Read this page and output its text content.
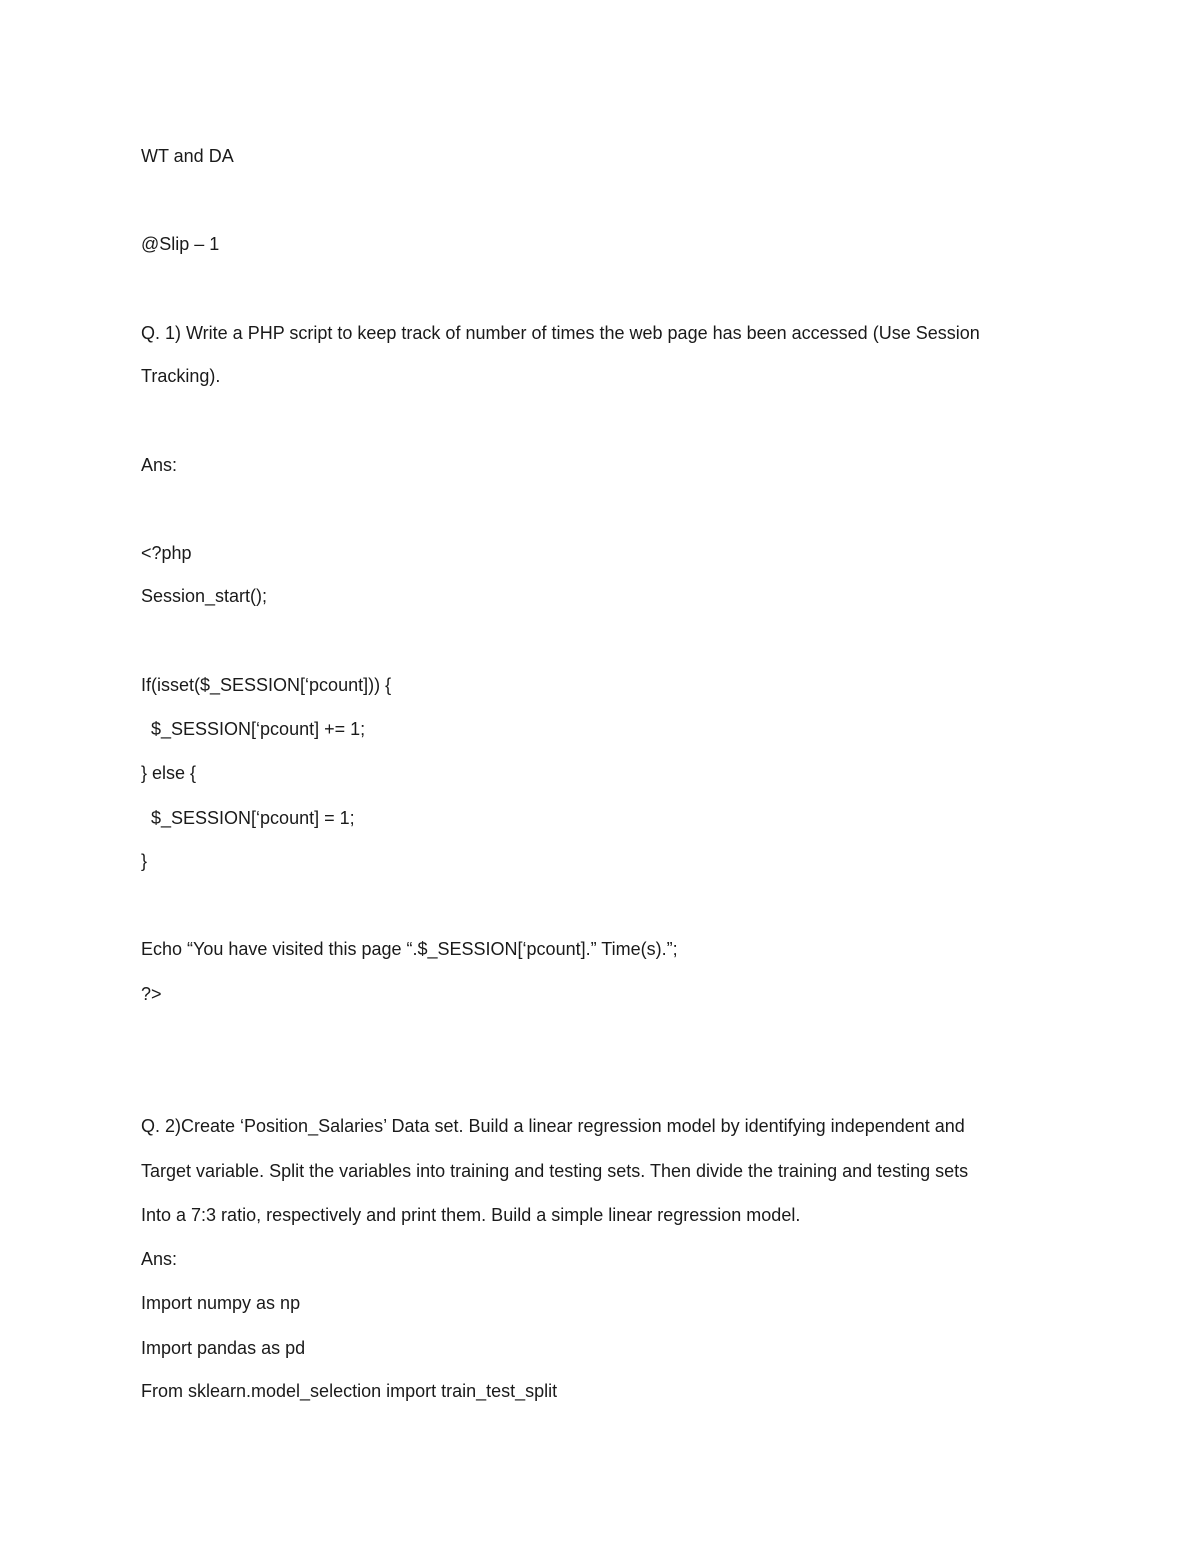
WT and DA

@Slip – 1

Q. 1) Write a PHP script to keep track of number of times the web page has been accessed (Use Session

Tracking).

Ans:

<?php

Session_start();

If(isset($_SESSION[‘pcount])) {

$_SESSION[‘pcount] += 1;

} else {

$_SESSION[‘pcount] = 1;

}

Echo “You have visited this page “.$_SESSION[‘pcount].” Time(s).”;

?>

Q. 2)Create ‘Position_Salaries’ Data set. Build a linear regression model by identifying independent and

Target variable. Split the variables into training and testing sets. Then divide the training and testing sets

Into a 7:3 ratio, respectively and print them. Build a simple linear regression model.

Ans:

Import numpy as np

Import pandas as pd

From sklearn.model_selection import train_test_split
